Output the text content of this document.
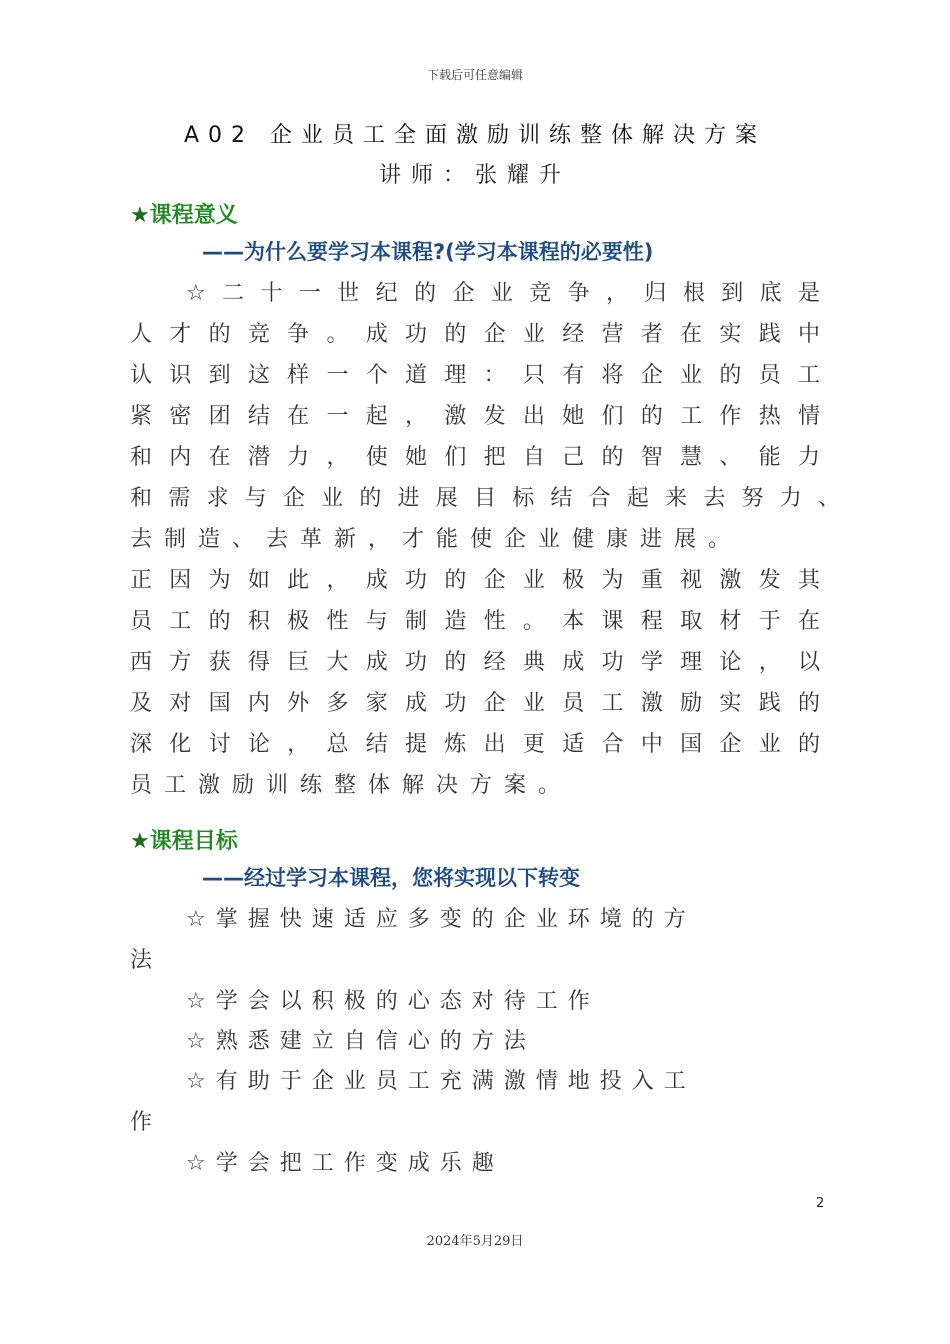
下载后可任意编辑
A02 企业员工全面激励训练整体解决方案
讲师：张耀升
★课程意义
——为什么要学习本课程?(学习本课程的必要性)
☆二十一世纪的企业竞争，归根到底是
人才的竞争。成功的企业经营者在实践中
认识到这样一个道理：只有将企业的员工
紧密团结在一起，激发出她们的工作热情
和内在潜力，使她们把自己的智慧、能力
和需求与企业的进展目标结合起来去努力、
去制造、去革新，才能使企业健康进展。
正因为如此，成功的企业极为重视激发其
员工的积极性与制造性。本课程取材于在
西方获得巨大成功的经典成功学理论，以
及对国内外多家成功企业员工激励实践的
深化讨论，总结提炼出更适合中国企业的
员工激励训练整体解决方案。
★课程目标
——经过学习本课程，您将实现以下转变
☆掌握快速适应多变的企业环境的方
法
☆学会以积极的心态对待工作
☆熟悉建立自信心的方法
☆有助于企业员工充满激情地投入工
作
☆学会把工作变成乐趣
2
2024年5月29日
